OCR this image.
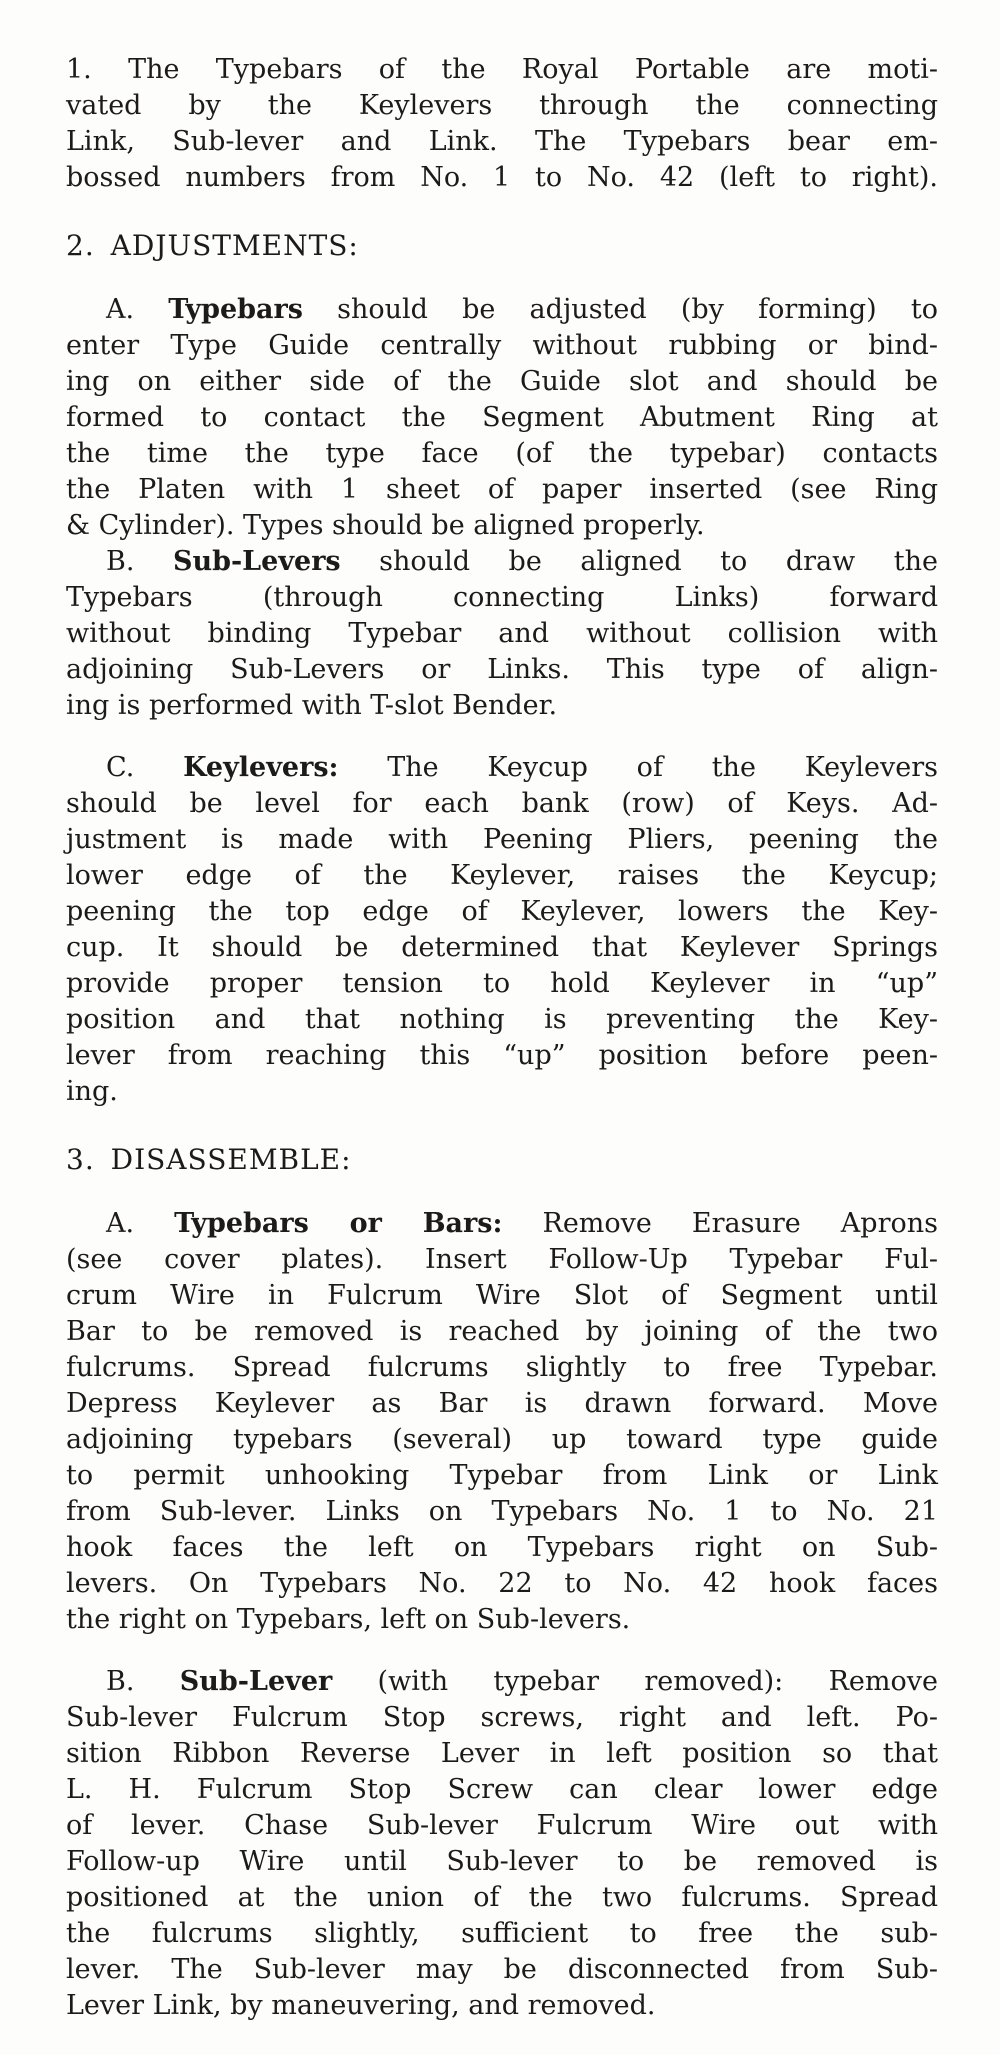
1. The Typebars of the Royal Portable are moti-
vated by the Keylevers through the connecting
Link, Sub-lever and Link. The Typebars bear em-
bossed numbers from No. 1 to No. 42 (left to right).
2. ADJUSTMENTS:
A. Typebars should be adjusted (by forming) to
enter Type Guide centrally without rubbing or bind-
ing on either side of the Guide slot and should be
formed to contact the Segment Abutment Ring at
the time the type face (of the typebar) contacts
the Platen with 1 sheet of paper inserted (see Ring
& Cylinder). Types should be aligned properly.
B. Sub-Levers should be aligned to draw the
Typebars (through connecting Links) forward
without binding Typebar and without collision with
adjoining Sub-Levers or Links. This type of align-
ing is performed with T-slot Bender.
C. Keylevers: The Keycup of the Keylevers
should be level for each bank (row) of Keys. Ad-
justment is made with Peening Pliers, peening the
lower edge of the Keylever, raises the Keycup;
peening the top edge of Keylever, lowers the Key-
cup. It should be determined that Keylever Springs
provide proper tension to hold Keylever in “up”
position and that nothing is preventing the Key-
lever from reaching this “up” position before peen-
ing.
3. DISASSEMBLE:
A. Typebars or Bars: Remove Erasure Aprons
(see cover plates). Insert Follow-Up Typebar Ful-
crum Wire in Fulcrum Wire Slot of Segment until
Bar to be removed is reached by joining of the two
fulcrums. Spread fulcrums slightly to free Typebar.
Depress Keylever as Bar is drawn forward. Move
adjoining typebars (several) up toward type guide
to permit unhooking Typebar from Link or Link
from Sub-lever. Links on Typebars No. 1 to No. 21
hook faces the left on Typebars right on Sub-
levers. On Typebars No. 22 to No. 42 hook faces
the right on Typebars, left on Sub-levers.
B. Sub-Lever (with typebar removed): Remove
Sub-lever Fulcrum Stop screws, right and left. Po-
sition Ribbon Reverse Lever in left position so that
L. H. Fulcrum Stop Screw can clear lower edge
of lever. Chase Sub-lever Fulcrum Wire out with
Follow-up Wire until Sub-lever to be removed is
positioned at the union of the two fulcrums. Spread
the fulcrums slightly, sufficient to free the sub-
lever. The Sub-lever may be disconnected from Sub-
Lever Link, by maneuvering, and removed.
